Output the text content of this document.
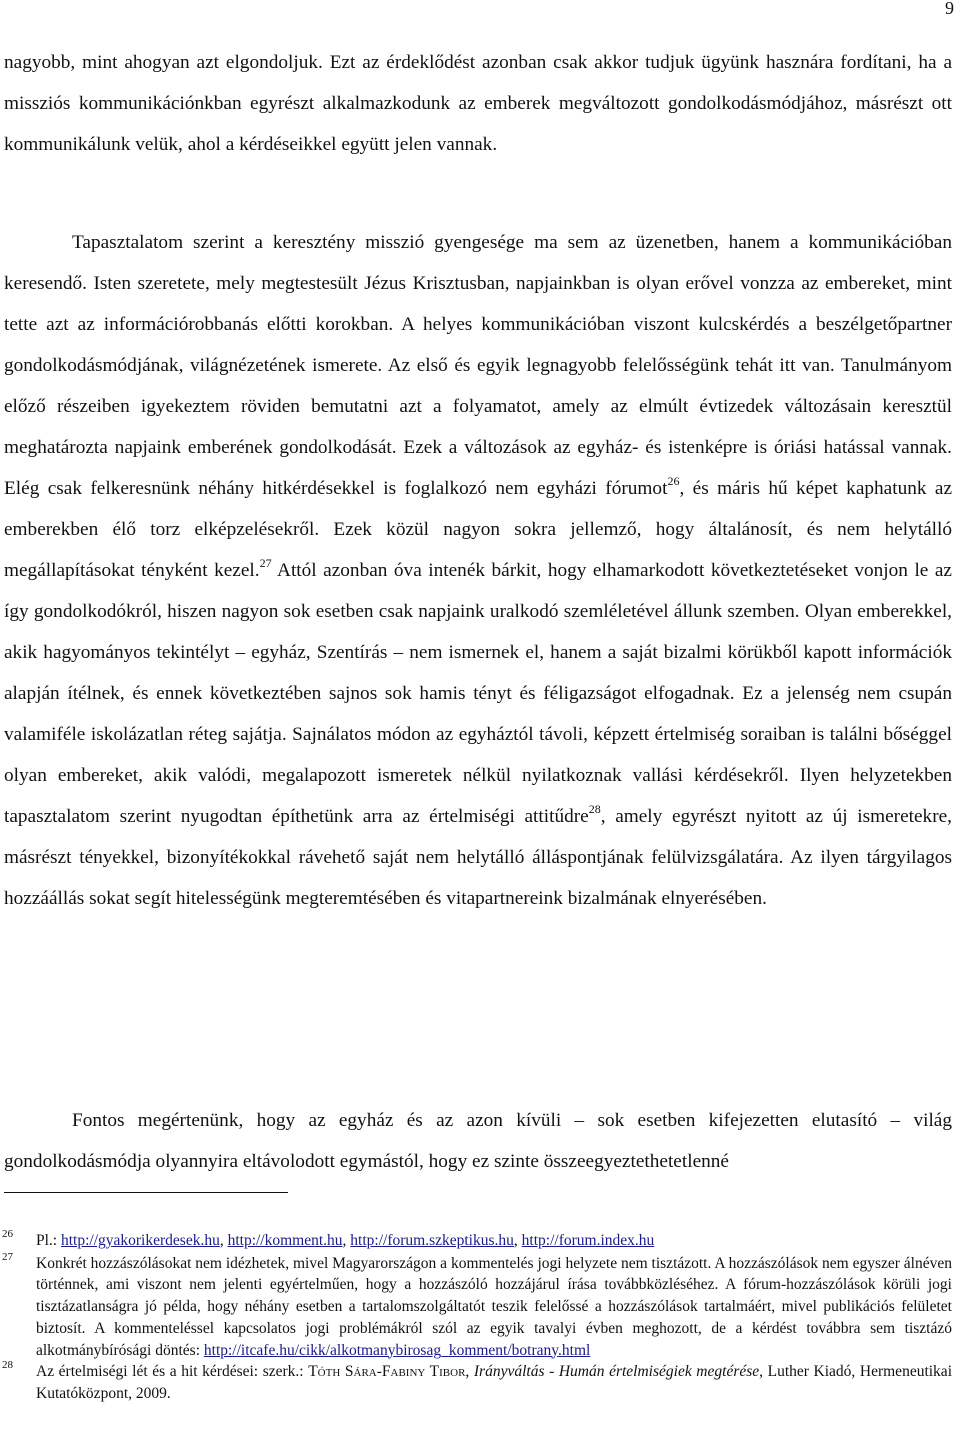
9

nagyobb, mint ahogyan azt elgondoljuk. Ezt az érdeklődést azonban csak akkor tudjuk ügyünk hasznára fordítani, ha a missziós kommunikációnkban egyrészt alkalmazkodunk az emberek megváltozott gondolkodásmódjához, másrészt ott kommunikálunk velük, ahol a kérdéseikkel együtt jelen vannak.

Tapasztalatom szerint a keresztény misszió gyengesége ma sem az üzenetben, hanem a kommunikációban keresendő. Isten szeretete, mely megtestesült Jézus Krisztusban, napjainkban is olyan erővel vonzza az embereket, mint tette azt az információrobbanás előtti korokban. A helyes kommunikációban viszont kulcskérdés a beszélgetőpartner gondolkodásmódjának, világnézetének ismerete. Az első és egyik legnagyobb felelősségünk tehát itt van. Tanulmányom előző részeiben igyekeztem röviden bemutatni azt a folyamatot, amely az elmúlt évtizedek változásain keresztül meghatározta napjaink emberének gondolkodását. Ezek a változások az egyház- és istenképre is óriási hatással vannak. Elég csak felkeresnünk néhány hitkérdésekkel is foglalkozó nem egyházi fórumot$^{26}$, és máris hű képet kaphatunk az emberekben élő torz elképzelésekről. Ezek közül nagyon sokra jellemző, hogy általánosít, és nem helytálló megállapításokat tényként kezel.$^{27}$ Attól azonban óva intenék bárkit, hogy elhamarkodott következtetéseket vonjon le az így gondolkodókról, hiszen nagyon sok esetben csak napjaink uralkodó szemléletével állunk szemben. Olyan emberekkel, akik hagyományos tekintélyt – egyház, Szentírás – nem ismernek el, hanem a saját bizalmi körükből kapott információk alapján ítélnek, és ennek következtében sajnos sok hamis tényt és féligazságot elfogadnak. Ez a jelenség nem csupán valamiféle iskolázatlan réteg sajátja. Sajnálatos módon az egyháztól távoli, képzett értelmiség soraiban is találni bőséggel olyan embereket, akik valódi, megalapozott ismeretek nélkül nyilatkoznak vallási kérdésekről. Ilyen helyzetekben tapasztalatom szerint nyugodtan építhetünk arra az értelmiségi attitűdre$^{28}$, amely egyrészt nyitott az új ismeretekre, másrészt tényekkel, bizonyítékokkal rávehető saját nem helytálló álláspontjának felülvizsgálatára. Az ilyen tárgyilagos hozzáállás sokat segít hitelességünk megteremtésében és vitapartnereink bizalmának elnyerésében.

Fontos megértenünk, hogy az egyház és az azon kívüli – sok esetben kifejezetten elutasító – világ gondolkodásmódja olyannyira eltávolodott egymástól, hogy ez szinte összeegyeztethetetlenné

26 Pl.: http://gyakorikerdesek.hu, http://komment.hu, http://forum.szkeptikus.hu, http://forum.index.hu
27 Konkrét hozzászólásokat nem idézhetek, mivel Magyarországon a kommentelés jogi helyzete nem tisztázott. A hozzászólások nem egyszer álnéven történnek, ami viszont nem jelenti egyértelműen, hogy a hozzászóló hozzájárul írása továbbközléséhez. A fórum-hozzászólások körüli jogi tisztázatlanságra jó példa, hogy néhány esetben a tartalomszolgáltatót teszik felelőssé a hozzászólások tartalmáért, mivel publikációs felületet biztosít. A kommenteléssel kapcsolatos jogi problémákról szól az egyik tavalyi évben meghozott, de a kérdést továbbra sem tisztázó alkotmánybírósági döntés: http://itcafe.hu/cikk/alkotmanybirosag_komment/botrany.html
28 Az értelmiségi lét és a hit kérdései: szerk.: Tóth Sára-Fabiny Tibor, Irányváltás - Humán értelmiségiek megtérése, Luther Kiadó, Hermeneutikai Kutatóközpont, 2009.
